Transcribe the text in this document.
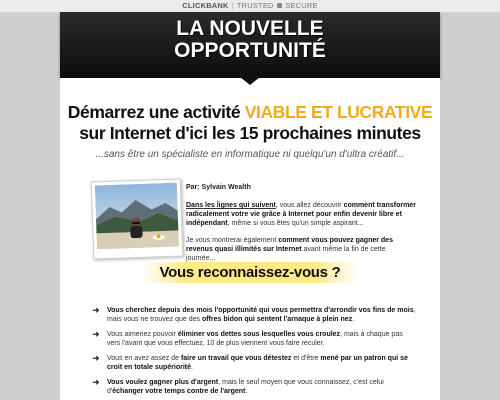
CLICKBANK | TRUSTED SECURE
LA NOUVELLE
OPPORTUNITÉ
Démarrez une activité VIABLE ET LUCRATIVE
sur Internet d'ici les 15 prochaines minutes
...sans être un spécialiste en informatique ni quelqu'un d'ultra créatif...
Par: Sylvain Wealth
Dans les lignes qui suivent, vous allez découvrir comment transformer radicalement votre vie grâce à Internet pour enfin devenir libre et indépendant, même si vous êtes qu'un simple aspirant...
Je vous montrerai également comment vous pouvez gagner des revenus quasi illimités sur Internet avant même la fin de cette journée...
Vous reconnaissez-vous ?
➜ Vous cherchez depuis des mois l'opportunité qui vous permettra d'arrondir vos fins de mois, mais vous ne trouvez que des offres bidon qui sentent l'arnaque à plein nez.
➜ Vous aimeriez pouvoir éliminer vos dettes sous lesquelles vous croulez, mais à chaque pas vers l'avant que vous effectuez, 10 de plus viennent vous faire reculer.
➜ Vous en avez assez de faire un travail que vous détestez et d'être mené par un patron qui se croit en totale supériorité.
➜ Vous voulez gagner plus d'argent, mais le seul moyen que vous connaissez, c'est celui d'échanger votre temps contre de l'argent.
